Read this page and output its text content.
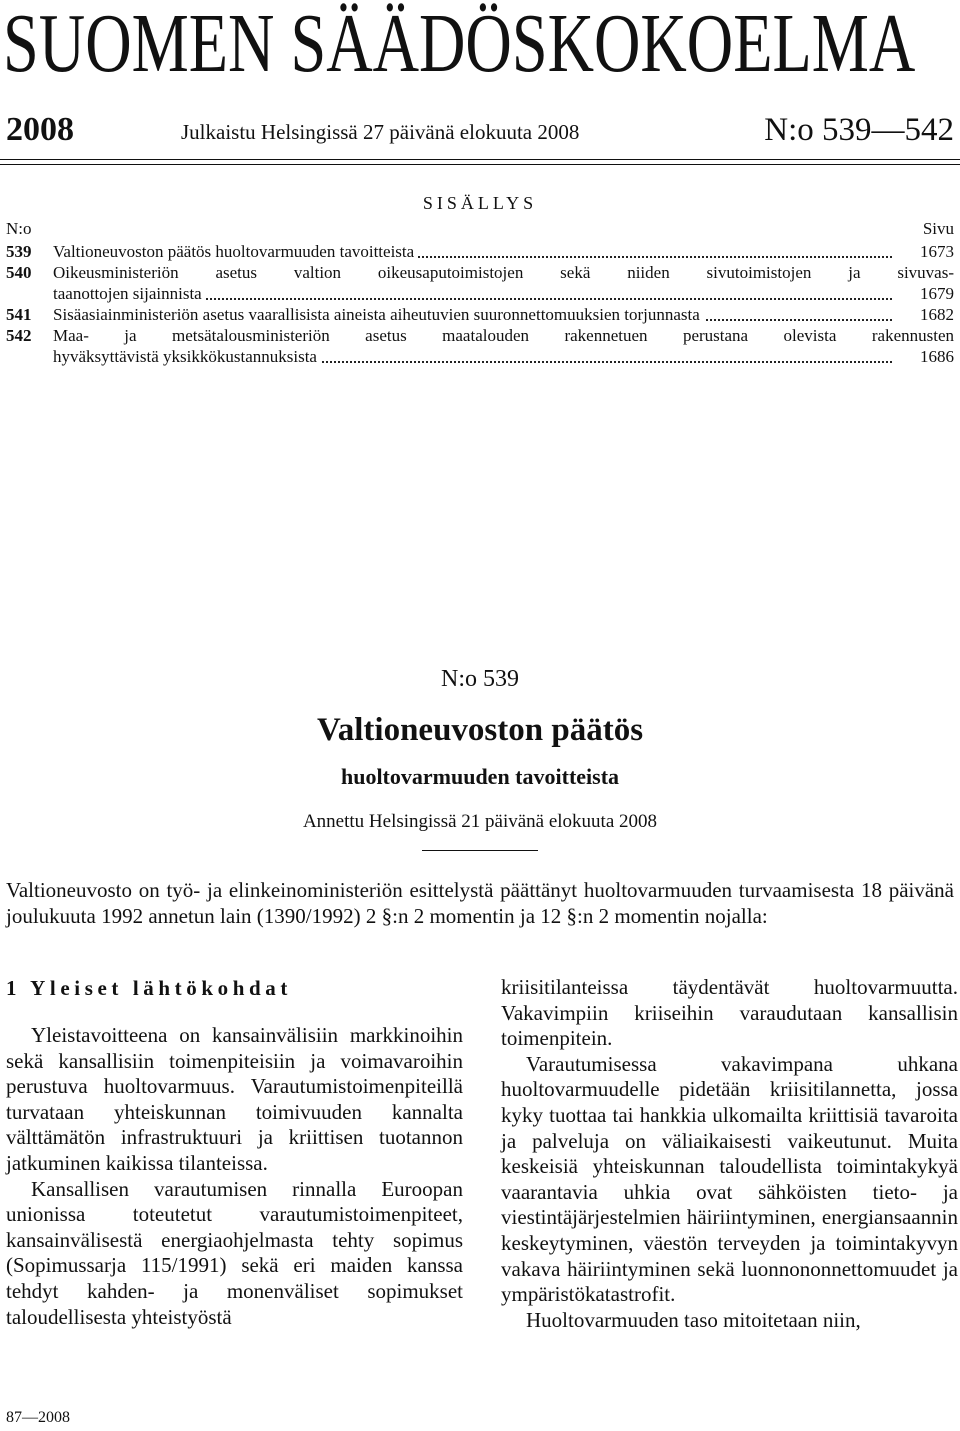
SUOMEN SÄÄDÖSKOKOELMA
2008	Julkaistu Helsingissä 27 päivänä elokuuta 2008	N:o 539—542
SISÄLLYS
N:o	Sivu
539	Valtioneuvoston päätös huoltovarmuuden tavoitteista	1673
540	Oikeusministeriön asetus valtion oikeusaputoimistojen sekä niiden sivutoimistojen ja sivuvas-
taanottojen sijainnista	1679
541	Sisäasiainministeriön asetus vaarallisista aineista aiheutuvien suuronnettomuuksien torjunnasta	1682
542	Maa- ja metsätalousministeriön asetus maatalouden rakennetuen perustana olevista rakennusten
hyväksyttävistä yksikkökustannuksista	1686
N:o 539
Valtioneuvoston päätös
huoltovarmuuden tavoitteista
Annettu Helsingissä 21 päivänä elokuuta 2008
Valtioneuvosto on työ- ja elinkeinoministeriön esittelystä päättänyt huoltovarmuuden turvaamisesta 18 päivänä joulukuuta 1992 annetun lain (1390/1992) 2 §:n 2 momentin ja 12 §:n 2 momentin nojalla:
1 Yleiset lähtökohdat

Yleistavoitteena on kansainvälisiin markkinoihin sekä kansallisiin toimenpiteisiin ja voimavaroihin perustuva huoltovarmuus. Varautumistoimenpiteillä turvataan yhteiskunnan toimivuuden kannalta välttämätön infrastruktuuri ja kriittisen tuotannon jatkuminen kaikissa tilanteissa.

Kansallisen varautumisen rinnalla Euroopan unionissa toteutetut varautumistoimenpiteet, kansainvälisestä energiaohjelmasta tehty sopimus (Sopimussarja 115/1991) sekä eri maiden kanssa tehdyt kahden- ja monenväliset sopimukset taloudellisesta yhteistyöstä

kriisitilanteissa täydentävät huoltovarmuutta. Vakavimpiin kriiseihin varaudutaan kansallisin toimenpitein.

Varautumisessa vakavimpana uhkana huoltovarmuudelle pidetään kriisitilannetta, jossa kyky tuottaa tai hankkia ulkomailta kriittisiä tavaroita ja palveluja on väliaikaisesti vaikeutunut. Muita keskeisiä yhteiskunnan taloudellista toimintakykyä vaarantavia uhkia ovat sähköisten tieto- ja viestintäjärjestelmien häiriintyminen, energiansaannin keskeytyminen, väestön terveyden ja toimintakyvyn vakava häiriintyminen sekä luonnononnettomuudet ja ympäristökatastrofit.

Huoltovarmuuden taso mitoitetaan niin,

87—2008
